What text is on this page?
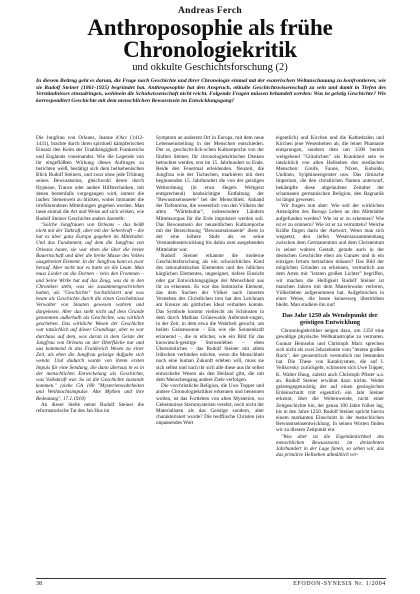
Andreas Ferch
Anthroposophie als frühe
Chronologiekritik
und okkulte Geschichtsforschung (2)
In diesem Beitrag geht es darum, die Frage nach Geschichte und ihrer Chronologie einmal mit der esoterischen Weltanschauung zu konfrontieren, wie sie Rudolf Steiner (1861-1925) begründet hat. Anthroposophie hat den Anspruch, okkulte Geschichtswissenschaft zu sein und damit in Tiefen des Verständnisses einzudringen, wohinein die Schulwissenschaft nicht reicht. Folgende Fragen müssen behandelt werden: Was ist geistig Geschichte? Wie korrespondiert Geschichte mit dem menschlichen Bewusstsein im Entwicklungsgang?

Die Jungfrau von Orleans, Jeanne d'Arc (1412-1431), brachte durch ihren spirituell kämpferischen Einsatz den Keim der Unabhängigkeit Frankreichs und Englands voneinander. Wie die Legende von ihr eingeflößten Wirkung dieses Auftrages zu berichten weiß, bestätigt sich dem hellsehenischen Blick Rudolf Steiners, und zwar ohne jede Trübung seines Bewusstseins, gleichwohl deren durch Hypnose, Trance oder andere Hilfstechniken, mit denen bestenfalls vorgegangen wird, immer die laufen: Stenenweit zu blicken, wobei immanter die irreführendsten Mitteilungen gegeben werden. Man lasse einmal die Art und Weise auf sich wirken, wie Rudolf Steiner Geschichte anders darstellt:

"Solche Jungfrauen von Orleans – das heißt nicht mit der Tatkraft, aber mit der Seherkraft – die hat es über ganz Europa gegeben im Mittelalter. Und das Fundament, auf dem die Jungfrau von Orleans baute, sie war eben die über die breite Bauernschaft und über die breite Masse des Volkes ausgebreitet Element. In der Jungfrau kann es zwar herauf. Aber nicht nur es hatte sie die Leute. Man muss Lieder an die Dornen – nein den Frommen – und Seine Wirke hat auf das Zeug, was da in den Chroniken steht, was sie zusammengeschrieben haben, als "Geschichte" hochstilisiert und was heute als Geschichte durch die einen Geschehnisse Verwalter von Staaten gewesen wahren und dargelesen. Aber das steht nicht auf dem Grunde genommen außerhalb als Geschichte, was wirklich geschehen. Das wirkliche Wesen der Geschichte war tatsächlich auf dieser Grundlage, aber es war durchaus auf dem, was daran in dem Geiste der Jungfrau von Orleans an der Oberfläche nur und aus kommend in das Frankreich Wesen zu einer Zeit, als eben die Jungfrau geistige Aufgabe sich wende. Und dadurch wurde von ihrem ersten Impuls für eine Sendung, die dann überaus in es in der menschlichen Entwickelung als Geschichte, was Volkskraft war. So ist die Geschichte zustande kommen." (siehe GA 180 "Mysterienwahrheiten und Weihnachtsimpulse. Alte Mythen und ihre Bedeutung", 17.1.1918)

An dieser Stelle nennt Rudolf Steiner die reformatorische Tat des Jan Hus im

Symptom an anderem Ort in Europa, mit dem neue Lebenseinstellung in der Menschen entschieden. Der so, geschicht-lich-schen Kulturepoche von der fünften Steiner, für chronologiekritisches Denken betrachtet werden, erst im 15. Jahrhundert so Ende. Beide den Feuermal erleidenden. Neuzeit, die Jungfrau wie der Tschechen, markieren mit dem beginnenden 15. Jahrhundert die von der geistigen Weltordnung (in etwa Hegels Weltgeist entsprechend) beabsichtigte Entfaltung der "Bewusstseinsseele" bei der Menschheit. Anhand der Tiefenreise, die wesentlich von den Völkern der alten "Wärtekultur", insbesondere Ländern Mitteleuropas für die Erde impulsiert werden soll. Das Bewusstsein der neuzeitlichen Kulturepoche mit der Bezeichnung "Bewusstseinsseele" dient in der eine höhere Stufe als es seine Verstandesentwicklung bis dahin zum ausgehenden Mittelalter war.

Rudolf Steiner erkannte die moderne Geschichtsforschung als ein schwächliches Kind des rationalistischen Elementes und des ödlichen kärglichen Elementes, ungeeignet, tiefere Einsicht oder gar Entwicklungsgänge der Menschheit aus ihr zu erkennen. Es war das Intimische Element, das dem Suchen der Völker nach innerem Verstehen des Christlichen treu hat den Leichnam am Kreuze als göttliches Ideal verhalten konnte. Das Symbole kommt vielleicht als Schönsten in dem durch Mathias Grünewalds Aufersteh-ungen, in der Zeit, in dem etwa die Wahrheit gesucht, um heilen Geistessonne – Ein wie die Sonnenkraft erinnernd –, die in etlicher, wie ein Bild für das knowiesch-geistige Sternenleben – eben Übersinnliches – das Rudolf Steiner mit allem Irdischen verbinden möchte, wenn die Menschheit noch eine human Zukunft erleben will, muss sie sich selbst und nach ihr sich alle diese aus ihr selbst entwickelte Wesen als den Heiland gibt, die mit dem Menschengang andere Ziele verfolgen.

Die vorchristliche Religion, die Uwe Topper und andere Chronologiekritiker erkennen und benennen wollen, ist das Fortleben von alten Mysterien, wo Geheimnisse Sternmysterien verehrt, noch nicht der Materialisten als das Geistige sondern, aber charakterisiert wurde? Die teufflische Christen (ein unpassendes Wort

eigentlich) und Kirchen und die Kathedralen und Kirchen jene Wesenheiten ab, die leiner Phantasie entsprungen, sondern dem um 1500 bereits weitgehend "Gräulichen" als Krankheit sein es tatsächlich von allen Hellsehen des mediachen Menschen: Greife, Faune, Nixen, Kobolde, Undinen, Sylphinnengeister usw. Das römische Imperium, die den christlichen Namen unterwarf, bekämpfte diese abgelaufene Zeitalter der schamanen germanischen Religion, den Ragnarök ist längst gewesen.

Wir fragen nun aber: Wie soll der wirklichen Anknüpfen des Bezugs Leben an den Mittelalter aufgefunden werden? Wie ist er zu erkennen? Wie ist er zu erinnern? Wie ist er zu vermitteln? Welche Kräfte fingen darin der Antwort, Wenn man sich wegsetzt, den tiefen Wesenszusammenhang zwischen dem Germanentum und dem Christentum in seiner wahren Gestalt, gerade auch in der deutschen Geschichte eben als Ganzes und in ein einzigen Irrtum betrachten müssen? Das Bild der möglichen Gründen zu erkennen, vermutlich aus dem Arten mit "letzten großen Lichter" begriffen, wir machen die Helligkeit Rudolf Steiner ist manchen Jahren mit dem Materiewahn verloren, Völkerleben aufgenommen hat. Aufgebrochen in einer Weise, die heute keinesweg übertrieben bleibt. Man studiere ihn nur!

Das Jahr 1250 als Wendepunkt der geistigen Entwicklung

Chronologiekritiker neigen dazu, um 1350 eine gewaltige physische Weltkatastrophe zu vermuten. Gunnar Heinsohn und Christoph Marx sprechen sich nicht als zwei Jahrzehnten vom "letzten großen Ruck", der geozentrisch vermutlich nur bestanden hat. Die These von Kataklysmen, die auf I. Velikovsky zurückgeht, schlossen sich Uwe Topper, K. Walter Haug, zuletzt auch Christoph Pfister u.a. an. Rudolf Steiner erwähnt dazu nichts. Weder geistesgegenwärtig der auf einen geologischen Erdeinschnitt tritt eigentlich ein Jahr Steiner erkennt, über die Weltenwende, nicht einer Zeitgeschichte hin, der genau 100 Jahre früher lag, bis in den Jahre 1250. Rudolf Steiner spricht hierzu einem markanten Einschnitt in der menschlichen Bewusstseinsentwicklung. In seinen Worten finden wir zu diesem Zeitpunkt ein:

"Was aber ist die Eigentümlichkeit des menschlichen Bewusstseins im dreizehnten Jahrhundert in der Lage fanen, so sehen wir, das das primitive Hellsehen allmählich ver-

38	EFODON-SYNESIS Nr. 1/2004
